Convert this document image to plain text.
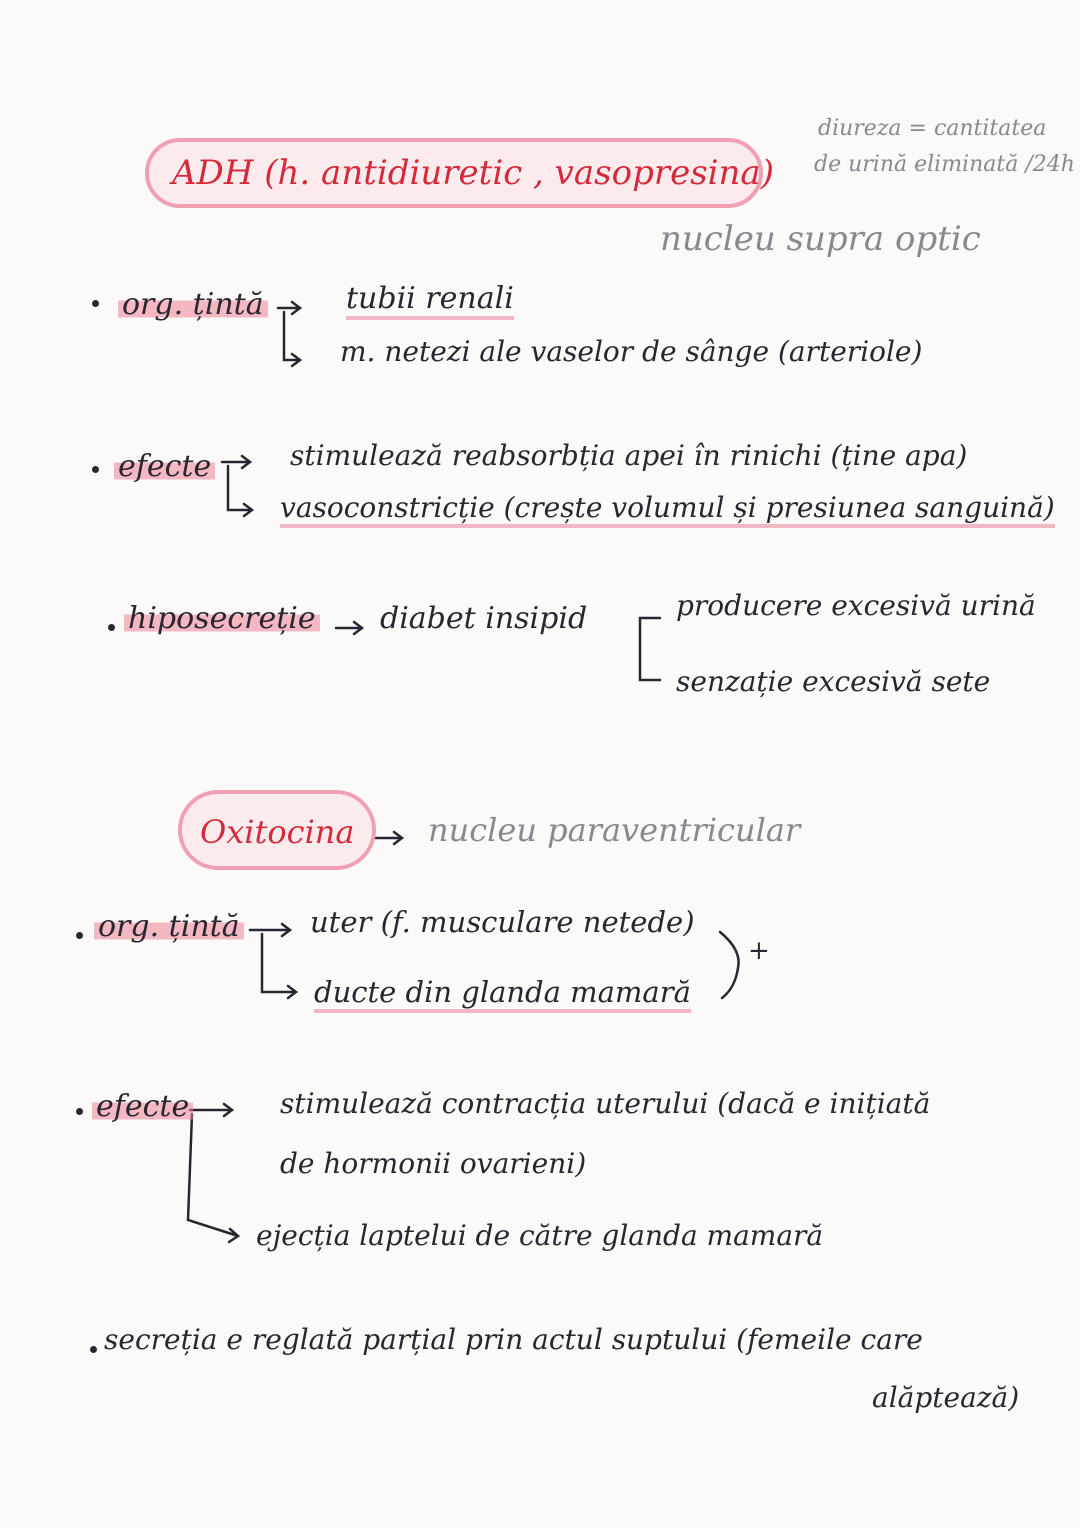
diureza = cantitatea
de urină eliminată /24h
ADH (h. antidiuretic , vasopresina)
nucleu supra optic
org. țintă	tubii renali
m. netezi ale vaselor de sânge (arteriole)
efecte	stimulează reabsorbția apei în rinichi (ține apa)
vasoconstricție (crește volumul și presiunea sanguină)
hiposecreție diabet insipid	producere excesivă urină
senzație excesivă sete
Oxitocina nucleu paraventricular
org. țintă uter (f. musculare netede)
ducte din glanda mamară
+
efecte	stimulează contracția uterului (dacă e inițiată
de hormonii ovarieni)
ejecția laptelui de către glanda mamară
secreția e reglată parțial prin actul suptului (femeile care
alăptează)
